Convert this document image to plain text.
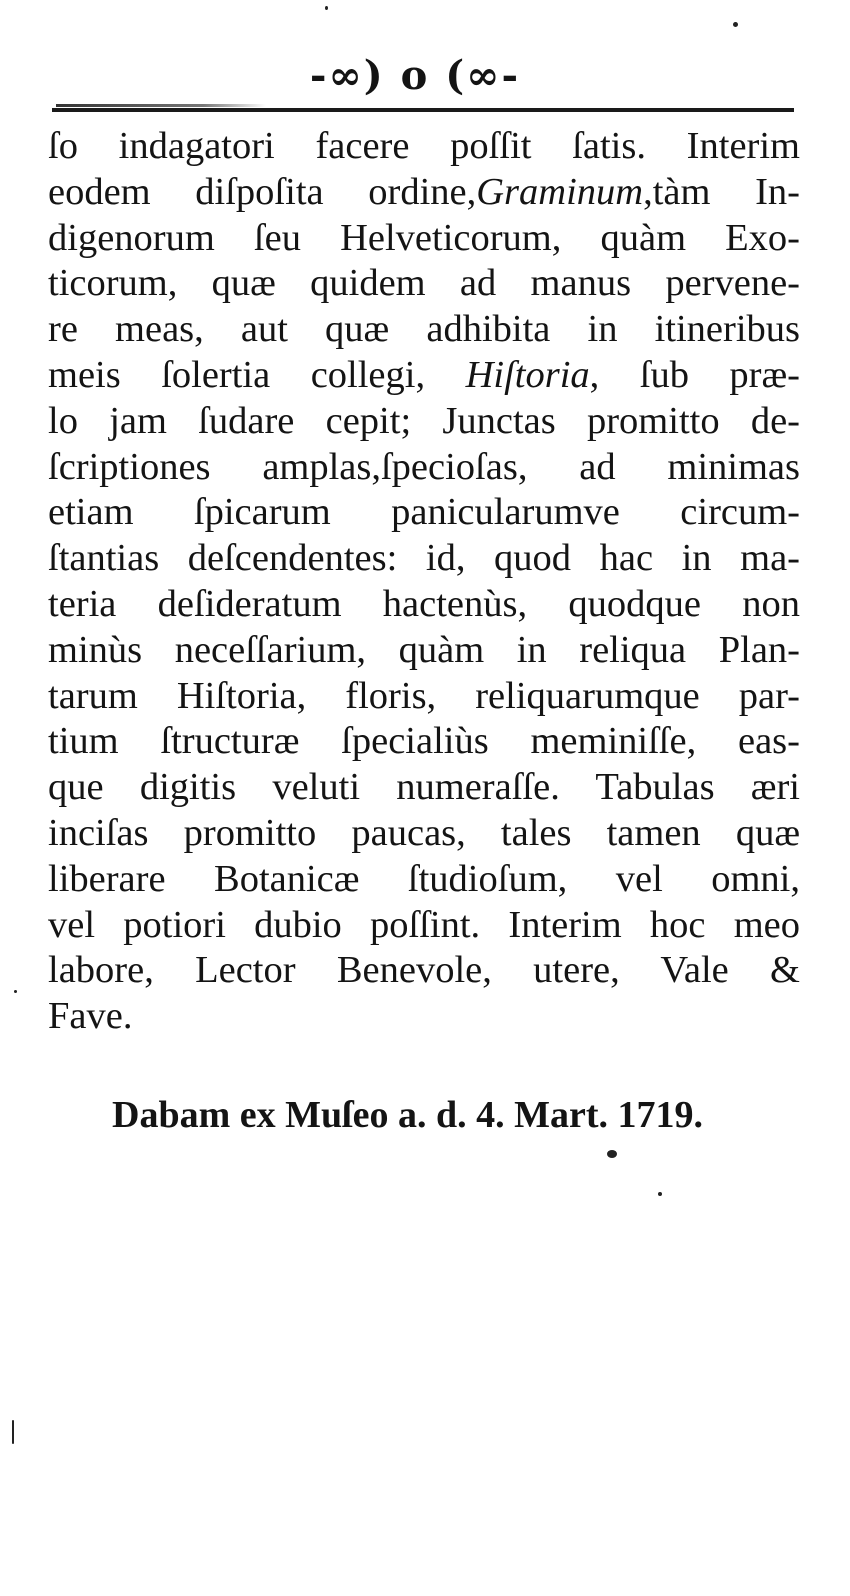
-∞) o (∞-
ſo indagatori facere poſſit ſatis. Interim
eodem diſpoſita ordine,Graminum,tàm In-
digenorum ſeu Helveticorum, quàm Exo-
ticorum, quæ quidem ad manus pervene-
re meas, aut quæ adhibita in itineribus
meis ſolertia collegi, Hiſtoria, ſub præ-
lo jam ſudare cepit; Junctas promitto de-
ſcriptiones amplas,ſpecioſas, ad minimas
etiam ſpicarum panicularumve circum-
ſtantias deſcendentes: id, quod hac in ma-
teria deſideratum hactenùs, quodque non
minùs neceſſarium, quàm in reliqua Plan-
tarum Hiſtoria, floris, reliquarumque par-
tium ſtructuræ ſpecialiùs meminiſſe, eas-
que digitis veluti numeraſſe. Tabulas æri
inciſas promitto paucas, tales tamen quæ
liberare Botanicæ ſtudioſum, vel omni,
vel potiori dubio poſſint. Interim hoc meo
labore, Lector Benevole, utere, Vale &
Fave.
Dabam ex Muſeo a. d. 4. Mart. 1719.
